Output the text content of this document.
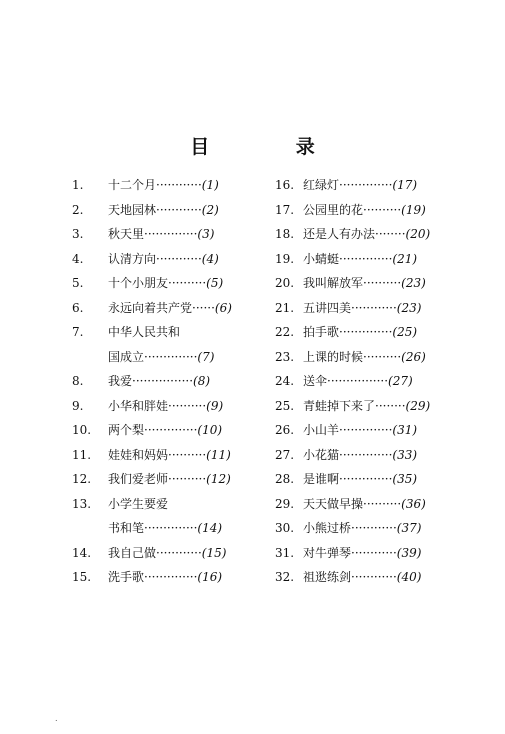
目 录
1. 十二个月············(1)
2. 天地园林············(2)
3. 秋天里··············(3)
4. 认清方向············(4)
5. 十个小朋友··········(5)
6. 永远向着共产党······(6)
7. 中华人民共和
国成立··············(7)
8. 我爱················(8)
9. 小华和胖娃··········(9)
10. 两个梨··············(10)
11. 娃娃和妈妈··········(11)
12. 我们爱老师··········(12)
13. 小学生要爱
书和笔··············(14)
14. 我自己做············(15)
15. 洗手歌··············(16)
16. 红绿灯··············(17)
17. 公园里的花··········(19)
18. 还是人有办法········(20)
19. 小蜻蜓··············(21)
20. 我叫解放军··········(23)
21. 五讲四美············(23)
22. 拍手歌··············(25)
23. 上课的时候··········(26)
24. 送伞················(27)
25. 青蛙掉下来了········(29)
26. 小山羊··············(31)
27. 小花猫··············(33)
28. 是谁啊··············(35)
29. 天天做早操··········(36)
30. 小熊过桥············(37)
31. 对牛弹琴············(39)
32. 祖逖练剑············(40)
.
